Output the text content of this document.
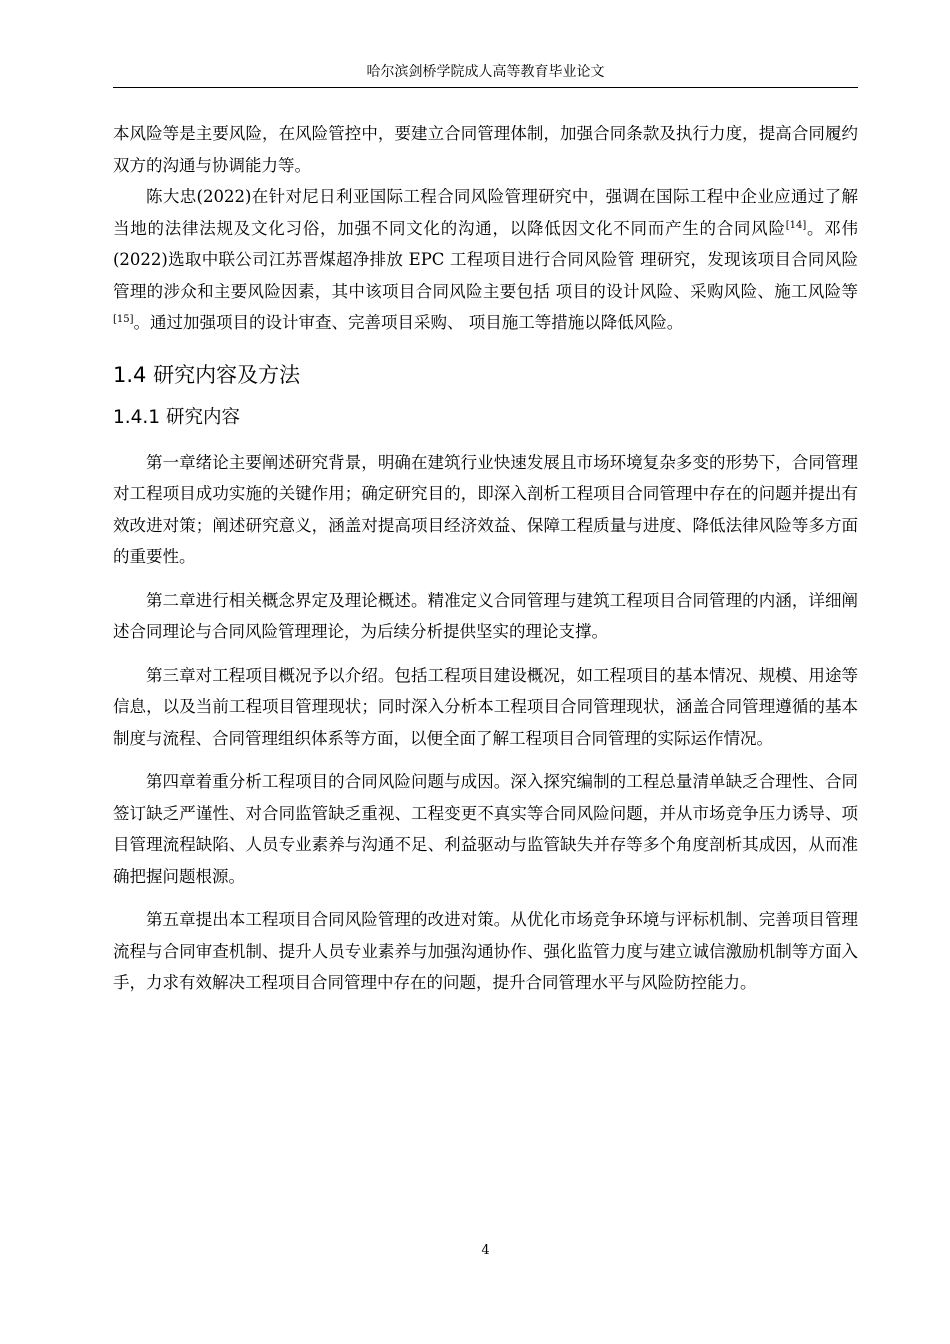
哈尔滨剑桥学院成人高等教育毕业论文

本风险等是主要风险，在风险管控中，要建立合同管理体制，加强合同条款及执行力度，提高合同履约双方的沟通与协调能力等。

陈大忠(2022)在针对尼日利亚国际工程合同风险管理研究中，强调在国际工程中企业应通过了解当地的法律法规及文化习俗，加强不同文化的沟通，以降低因文化不同而产生的合同风险[14]。邓伟(2022)选取中联公司江苏晋煤超净排放 EPC 工程项目进行合同风险管 理研究，发现该项目合同风险管理的涉众和主要风险因素，其中该项目合同风险主要包括 项目的设计风险、采购风险、施工风险等[15]。通过加强项目的设计审查、完善项目采购、 项目施工等措施以降低风险。

1.4 研究内容及方法
1.4.1 研究内容

第一章绪论主要阐述研究背景，明确在建筑行业快速发展且市场环境复杂多变的形势下，合同管理对工程项目成功实施的关键作用；确定研究目的，即深入剖析工程项目合同管理中存在的问题并提出有效改进对策；阐述研究意义，涵盖对提高项目经济效益、保障工程质量与进度、降低法律风险等多方面的重要性。

第二章进行相关概念界定及理论概述。精准定义合同管理与建筑工程项目合同管理的内涵，详细阐述合同理论与合同风险管理理论，为后续分析提供坚实的理论支撑。

第三章对工程项目概况予以介绍。包括工程项目建设概况，如工程项目的基本情况、规模、用途等信息，以及当前工程项目管理现状；同时深入分析本工程项目合同管理现状，涵盖合同管理遵循的基本制度与流程、合同管理组织体系等方面，以便全面了解工程项目合同管理的实际运作情况。

第四章着重分析工程项目的合同风险问题与成因。深入探究编制的工程总量清单缺乏合理性、合同签订缺乏严谨性、对合同监管缺乏重视、工程变更不真实等合同风险问题，并从市场竞争压力诱导、项目管理流程缺陷、人员专业素养与沟通不足、利益驱动与监管缺失并存等多个角度剖析其成因，从而准确把握问题根源。

第五章提出本工程项目合同风险管理的改进对策。从优化市场竞争环境与评标机制、完善项目管理流程与合同审查机制、提升人员专业素养与加强沟通协作、强化监管力度与建立诚信激励机制等方面入手，力求有效解决工程项目合同管理中存在的问题，提升合同管理水平与风险防控能力。

4
